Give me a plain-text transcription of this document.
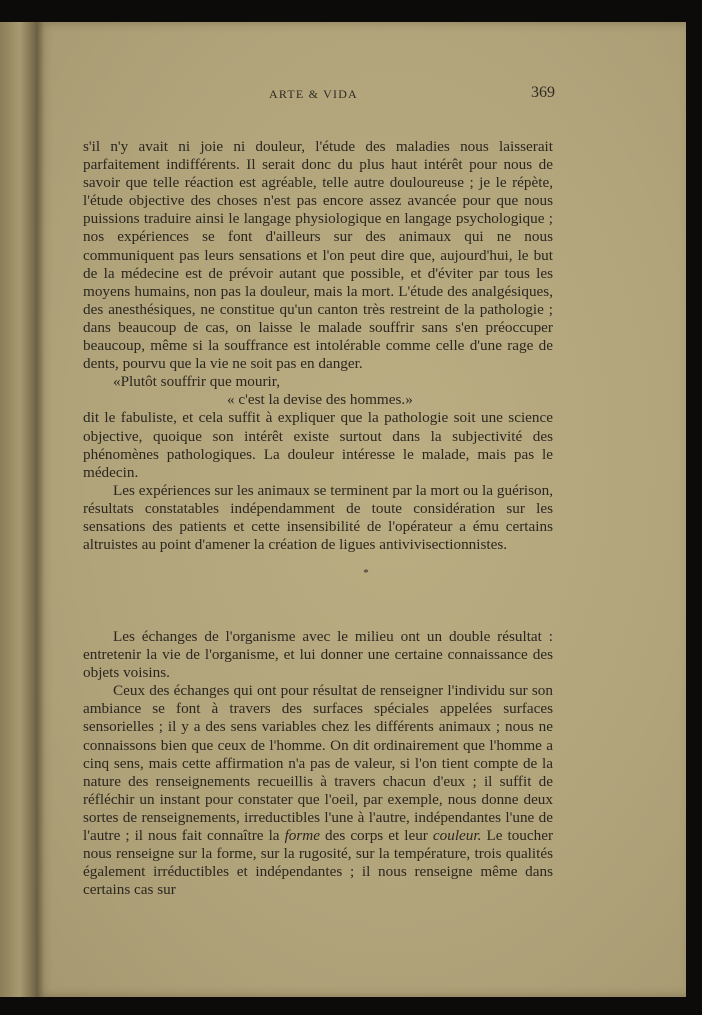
ARTE & VIDA	369

s'il n'y avait ni joie ni douleur, l'étude des maladies nous laisserait parfaitement indifférents. Il serait donc du plus haut intérêt pour nous de savoir que telle réaction est agréable, telle autre douloureuse ; je le répète, l'étude objective des choses n'est pas encore assez avancée pour que nous puissions traduire ainsi le langage physiologique en langage psychologique ; nos expériences se font d'ailleurs sur des animaux qui ne nous communiquent pas leurs sensations et l'on peut dire que, aujourd'hui, le but de la médecine est de prévoir autant que possible, et d'éviter par tous les moyens humains, non pas la douleur, mais la mort. L'étude des analgésiques, des anesthésiques, ne constitue qu'un canton très restreint de la pathologie ; dans beaucoup de cas, on laisse le malade souffrir sans s'en préoccuper beaucoup, même si la souffrance est intolérable comme celle d'une rage de dents, pourvu que la vie ne soit pas en danger.

«Plutôt souffrir que mourir,

« c'est la devise des hommes.»

dit le fabuliste, et cela suffit à expliquer que la pathologie soit une science objective, quoique son intérêt existe surtout dans la subjectivité des phénomènes pathologiques. La douleur intéresse le malade, mais pas le médecin.

Les expériences sur les animaux se terminent par la mort ou la guérison, résultats constatables indépendamment de toute considération sur les sensations des patients et cette insensibilité de l'opérateur a ému certains altruistes au point d'amener la création de ligues antivivisectionnistes.

*

Les échanges de l'organisme avec le milieu ont un double résultat : entretenir la vie de l'organisme, et lui donner une certaine connaissance des objets voisins.

Ceux des échanges qui ont pour résultat de renseigner l'individu sur son ambiance se font à travers des surfaces spéciales appelées surfaces sensorielles ; il y a des sens variables chez les différents animaux ; nous ne connaissons bien que ceux de l'homme. On dit ordinairement que l'homme a cinq sens, mais cette affirmation n'a pas de valeur, si l'on tient compte de la nature des renseignements recueillis à travers chacun d'eux ; il suffit de réfléchir un instant pour constater que l'oeil, par exemple, nous donne deux sortes de renseignements, irreductibles l'une à l'autre, indépendantes l'une de l'autre ; il nous fait connaître la forme des corps et leur couleur. Le toucher nous renseigne sur la forme, sur la rugosité, sur la température, trois qualités également irréductibles et indépendantes ; il nous renseigne même dans certains cas sur
